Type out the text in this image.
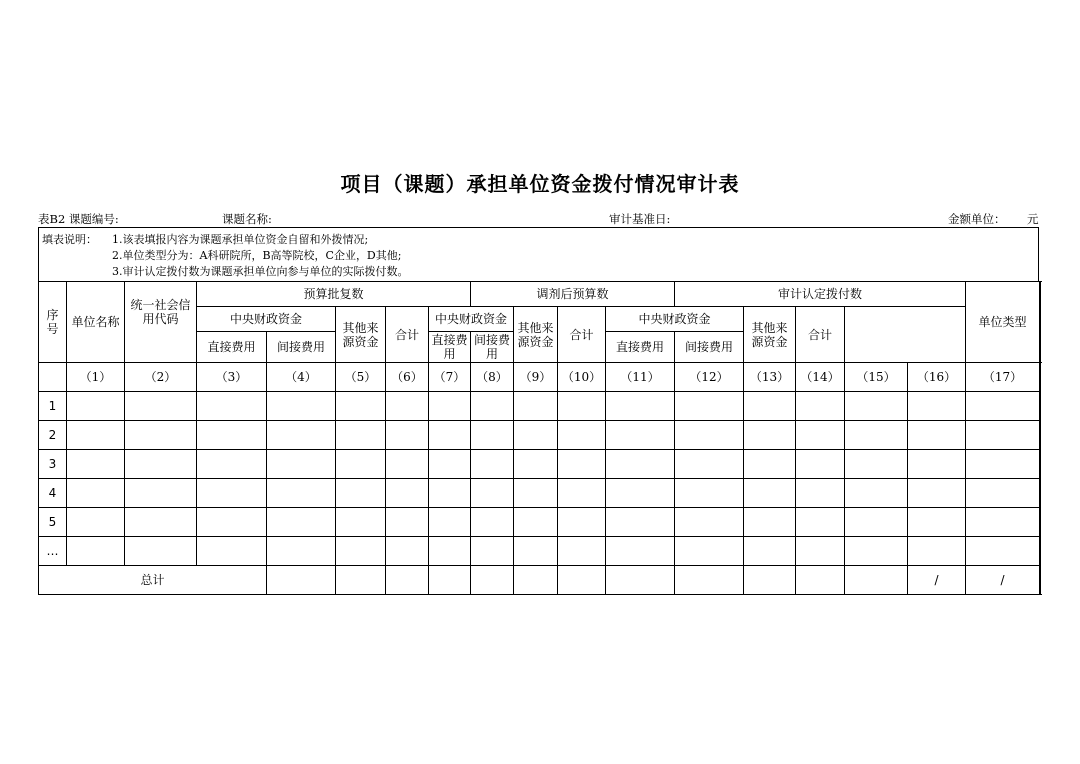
项目（课题）承担单位资金拨付情况审计表
表B2 课题编号:	课题名称:	审计基准日:	金额单位： 元
填表说明： 1.该表填报内容为课题承担单位资金自留和外拨情况;
2.单位类型分为：A科研院所，B高等院校，C企业，D其他;
3.审计认定拨付数为课题承担单位向参与单位的实际拨付数。
序号	单位名称	统一社会信用代码	预算批复数					调剂后预算数				审计认定拨付数					单位类型		
			中央财政资金		其他来源资金	合计	中央财政资金		其他来源资金	合计	中央财政资金		其他来源资金	合计				
			直接费用	间接费用			直接费用	间接费用			直接费用	间接费用						
	（1）	（2）	（3）	（4）	（5）	（6）	（7）	（8）	（9）	（10）	（11）	（12）	（13）	（14）	（15）	（16）	（17）	
1																		
2																		
3																		
4																		
5																		
…																		
总计																/	/	
